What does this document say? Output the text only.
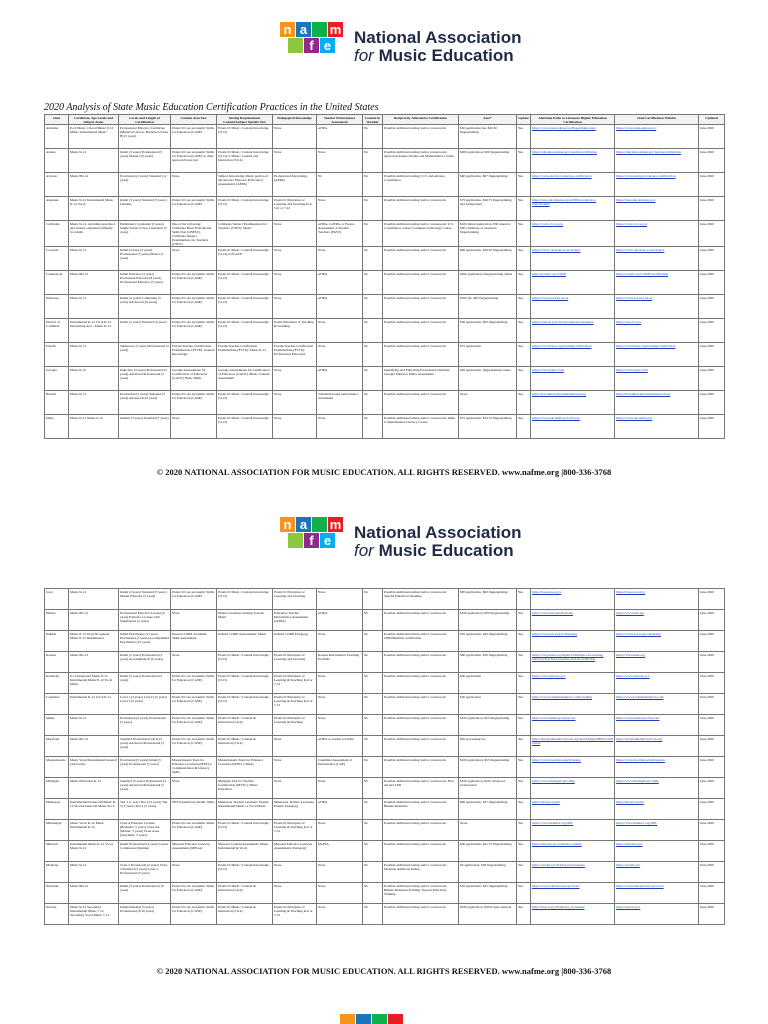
n a m
f e National Association
for Music Education
2020 Analysis of State Music Education Certification Practices in the United States
State	Certificate, Age Levels and Subject Areas	Levels and Length of Certification	Content Area Test	Testing Requirements Content/Subject Specific Test	Pedagogical Knowledge	Teacher Performance Assessment	Content in Weather	Reciprocity Alternative Certification	Fees*	Update	Alternate Paths to Licensure Higher Education Certification	State Certification Website	Updated
Alabama	P-12 Music, Choral Music P-12 Music, Instrumental Music	Professional Educator Certificate (Master's/Class A, Bachelor's/Class B) (5 years)	Praxis II Core Academic Skills for Educators (CASE)	Praxis II: Music: Content Knowledge (5113)	None	edTPA	No	Possible additional testing and/or coursework	$30 application fee, $45.50 fingerprinting	Yes	https://www.alsde.edu/sec/ec/Pages/home.aspx	https://www.alsde.edu/sec/ec/	June 2020
Alaska	Music K-12	Initial (3 years) Professional (5 years) Master (10 years)	Praxis II Core Academic Skills for Educators (CASE) or other approved basic test	Praxis II: Music: Content Knowledge (5113) or Music: Content and Instruction (5114)	None	None	No	Possible additional testing and/or coursework; Approved Alaska Studies and Multicultural courses	$200 application, $60 fingerprinting	Yes	https://education.alaska.gov/teachercertification	https://education.alaska.gov/teachercertification	June 2020
Arizona	Music PK-12	Provisional (2 years) Standard (12 years)	None	Subject Knowledge Music portion of the Arizona Educator Proficiency Assessments (AEPA)	Professional Knowledge (AEPA)	No	No	Possible additional testing; U.S. and Arizona Constitution	$60 application, $67 fingerprinting	Yes	https://www.azed.gov/educator-certification	https://www.azed.gov/educator-certification	June 2020
Arkansas	Music K-12 Instrumental Music K-12 Vocal	Initial (3 years) Standard (5 years) Lifetime	Praxis II Core Academic Skills for Educators (CASE)	Praxis II: Music: Content Knowledge (5113)	Praxis II: Principles of Learning and Teaching K-6, 5-9, or 7-12	None	No	Possible additional testing and/or coursework	$75 application, $49.75 fingerprinting and background	Yes	https://dese.ade.arkansas.gov/Offices/educator-effectiveness	https://dese.ade.arkansas.gov	June 2020
California	Music K-12, including preschool and classes organized primarily for adults	Preliminary Credential (5 years) Single Subject Clear Credential (5 years)	One of the following: California Basic Educational Skills Test (CBEST), California Subject Examinations for Teachers (CSET)	California Subject Examinations for Teachers (CSET): Music	None	edTPA, CalTPA, or Fresno Assessment of Student Teachers (FAST)	No	Possible additional testing and/or coursework; U.S. Constitution course; Computer technology course	$100 initial application, $50 renewal, $50 certificate of clearance fingerprinting	Yes	https://www.ctc.ca.gov	https://www.ctc.ca.gov	June 2020
Colorado	Music K-12	Initial License (3 years) Professional (5 years) Master (7 years)	None	Praxis II: Music: Content Knowledge (5114) or PLACE	None	None	No	Possible additional testing and/or coursework	$90 application, $39.50 fingerprinting	Yes	https://www.cde.state.co.us/cdeprof	https://www.cde.state.co.us/cdeprof	June 2020
Connecticut	Music PK-12	Initial Educator (3 years) Provisional Educator (8 years) Professional Educator (5 years)	Praxis II Core Academic Skills for Educators (CASE)	Praxis II: Music: Content Knowledge (5113)	None	edTPA	No	Possible additional testing and/or coursework	$200 application, fingerprinting varies	Yes	https://portal.ct.gov/SDE	https://portal.ct.gov/SDE/Certification	June 2020
Delaware	Music K-12	Initial (4 years) Continuing (5 years) Advanced (10 years)	Praxis II Core Academic Skills for Educators (CASE)	Praxis II: Music: Content Knowledge (5113)	None	edTPA	No	Possible additional testing and/or coursework	$100 fee, $65 fingerprinting	Yes	https://www.doe.k12.de.us	https://www.doe.k12.de.us	June 2020
District of Columbia	Instrumental K-12 Vocal K-12 Performing Arts - Music K-12	Initial (2 years) Standard (4 years)	Praxis II Core Academic Skills for Educators (CASE)	Praxis II: Music: Content Knowledge (5113)	Praxis Principles of Teaching & Learning	None	No	Possible additional testing and/or coursework	$50 application, $50 fingerprinting	Yes	https://osse.dc.gov/service/educator-licensure	https://osse.dc.gov	June 2020
Florida	Music K-12	Temporary (3 years) Professional (5 years)	Florida Teacher Certification Examinations (FTCE): General Knowledge	Florida Teacher Certification Examinations (FTCE): Music K-12	Florida Teacher Certification Examinations (FTCE): Professional Education	None	No	Possible additional testing and/or coursework	$75 application	Yes	https://www.fldoe.org/teaching/certification	https://www.fldoe.org/teaching/certification	June 2020
Georgia	Music P-12	Induction (3 years) Professional (5 years) Advanced Professional (5 years)	Georgia Assessments for Certification of Educators (GACE): Basic Skills	Georgia Assessments for Certification of Educators (GACE): Music Content Assessment	None	edTPA	No	Identifying and Educating Exceptional Children; Georgia Educator Ethics Assessment	$20 application, fingerprinting varies	Yes	https://www.gapsc.com	https://www.gapsc.com	June 2020
Hawaii	Music K-12	Provisional (3 years) Standard (5 years) Advanced (10 years)	Praxis II Core Academic Skills for Educators (CASE)	Praxis II: Music: Content Knowledge (5113)	None	Standards-based performance assessment	No	Possible additional testing and/or coursework	None	Yes	https://hawaiiteacherstandardsboard.org	https://hawaiiteacherstandardsboard.org	June 2020
Idaho	Music K-12 Music 6-12	Interim (3 years) Standard (5 years)	None	Praxis II: Music: Content Knowledge (5113)	None	None	No	Possible additional testing and/or coursework; Idaho Comprehensive Literacy Course	$75 application, $34.75 fingerprinting	Yes	https://www.sde.idaho.gov/cert-psc	https://www.sde.idaho.gov	June 2020
© 2020 NATIONAL ASSOCIATION FOR MUSIC EDUCATION. ALL RIGHTS RESERVED. www.nafme.org |800-336-3768
n a m
f e National Association
for Music Education
Iowa	Music K-12	Initial (2 years) Standard (5 years) Master Educator (5 years)	Praxis II Core Academic Skills for Educators (CASE)	Praxis II: Music: Content Knowledge (5113)	Praxis II: Principles of Learning and Teaching	None	No	Possible additional testing and/or coursework; Special Education; Reading	$85 application, $60 fingerprinting	Yes	https://boee.iowa.gov	https://boee.iowa.gov	June 2020
Illinois	Music PK-12	Professional Educator License (5 years) Educator License with Stipulations (2 years)	None	Illinois Licensure Testing System: Music	Educative Teacher Performance Assessment (edTPA)	edTPA	No	Possible additional testing and/or coursework	$100 application, $50 fingerprinting	Yes	https://www.isbe.net/licensure	https://www.isbe.net	June 2020
Indiana	Music P-12 Vocal & General Music P-12 Instrumental	Initial Practitioner (2 years) Practitioner (5 years) Accomplished Practitioner (10 years)	Pearson CORE Academic Skills Assessment	Indiana CORE Assessments: Music	Indiana CORE Pedagogy	None	No	Possible additional testing and/or coursework; CPR/Heimlich certification	$35 application, $40 fingerprinting	Yes	https://www.doe.in.gov/licensing	https://www.doe.in.gov/licensing	June 2020
Kansas	Music PK-12	Initial (2 years) Professional (5 years) Accomplished (10 years)	None	Praxis II: Music: Content Knowledge (5113)	Praxis II: Principles of Learning and Teaching	Kansas Performance Teaching Portfolio	No	Possible additional testing and/or coursework	$60 application, $50 fingerprinting	Yes	https://www.ksde.org/Agency/Division-of-Learning-Services/Teacher-Licensure-and-Accreditation	https://www.ksde.org	June 2020
Kentucky	P-12 Integrated Music P-12 Instrumental Music P-12 Vocal Music	Initial (5 years) Professional (5 years)	Praxis II Core Academic Skills for Educators (CASE)	Praxis II: Music: Content Knowledge (5113)	Praxis II: Principles of Learning & Teaching K-6 or 7-12	None	No	Possible additional testing and/or coursework	$50 application	Yes	https://www.epsb.ky.gov	https://www.epsb.ky.gov	June 2020
Louisiana	Instrumental K-12 Vocal K-12	Level 1 (3 years) Level 2 (5 years) Level 3 (5 years)	Praxis II Core Academic Skills for Educators (CASE)	Praxis II: Music: Content Knowledge (5113)	Praxis II: Principles of Learning & Teaching K-6 or 7-12	None	No	Possible additional testing and/or coursework	$50 application	Yes	https://www.louisianabelieves.com/teaching	https://www.louisianabelieves.com	June 2020
Maine	Music K-12	Provisional (2 years) Professional (5 years)	Praxis II Core Academic Skills for Educators (CASE)	Praxis II: Music: Content & Instruction (5114)	Praxis II: Principles of Learning & Teaching	None	No	Possible additional testing and/or coursework	$100 application, $55 fingerprinting	Yes	https://www.maine.gov/doe/cert	https://www.maine.gov/doe/cert	June 2020
Maryland	Music PK-12	Standard Professional I & II (5 years) Advanced Professional (5 years)	Praxis II Core Academic Skills for Educators (CASE)	Praxis II: Music: Content & Instruction (5114)	None	edTPA or teacher portfolio	No	Possible additional testing and/or coursework	$20 processing fee	Yes	https://marylandpublicschools.org/about/Pages/DEE/Certification	https://marylandpublicschools.org	June 2020
Massachusetts	Music Vocal/Instrumental/General (All levels)	Provisional (5 years) Initial (5 years) Professional (5 years)	Massachusetts Tests for Educator Licensure (MTEL): Communication & Literacy Skills	Massachusetts Tests for Educator Licensure (MTEL): Music	None	Candidate Assessment of Performance (CAP)	No	Possible additional testing and/or coursework	$100 application, $55 fingerprinting	Yes	https://www.doe.mass.edu/licensure	https://www.doe.mass.edu/licensure	June 2020
Michigan	Music Education K-12	Standard (5 years) Professional (5 years) Advanced Professional (5 years)	None	Michigan Test for Teacher Certification (MTTC): Music Education	None	None	No	Possible additional testing and/or coursework; First aid and CPR	$160 application, $210 advanced professional	Yes	https://www.michigan.gov/mde	https://www.michigan.gov/mde	June 2020
Minnesota	Instrumental/Classroom Music K-12 Vocal/Classroom Music K-12	Tier 1 (1 year) Tier 2 (2 years) Tier 3 (3 years) Tier 4 (5 years)	NES Essential Academic Skills	Minnesota Teacher Licensure Exams: Instrumental Music or Vocal Music	Minnesota Teacher Licensure Exams: Pedagogy	edTPA	No	Possible additional testing and/or coursework; Human Relations	$90 application, $37 fingerprinting	Yes	https://mn.gov/pelsb	https://mn.gov/pelsb	June 2020
Mississippi	Music Vocal K-12 Music Instrumental K-12	Class A Educator License (Bachelor; 5 years) Class AA (Master; 5 years) Class AAA (Specialist; 5 years)	Praxis II Core Academic Skills for Educators (CASE)	Praxis II: Music: Content Knowledge (5113)	Praxis II: Principles of Learning & Teaching K-6 or 7-12	None	No	Possible additional testing and/or coursework	None	Yes	https://www.mdek12.org/OEL	https://www.mdek12.org/OEL	June 2020
Missouri	Instrumental Music K-12 Vocal Music K-12	Initial Professional (4 years) Career Continuous (lifetime)	Missouri Educator Gateway Assessments (MEGA)	Missouri Content Assessment: Music Instrumental & Vocal	Missouri Educator Gateway Assessments: Pedagogy	MoPTA	No	Possible additional testing and/or coursework	$50 application, $41.75 fingerprinting	Yes	https://dese.mo.gov/educator-quality	https://dese.mo.gov	June 2020
Montana	Music K-12	Class 5 Provisional (3 years) Class 2 Standard (5 years) Class 1 Professional (5 years)	None	Praxis II: Music: Content Knowledge (5113)	None	None	No	Possible additional testing and/or coursework; Montana American Indian	$6 application, $30 fingerprinting	Yes	https://opi.mt.gov/Educators/Licensure	https://opi.mt.gov	June 2020
Nebraska	Music PK-12	Initial (5 years) Professional (10 years)	Praxis II Core Academic Skills for Educators (CASE)	Praxis II: Music: Content & Instruction (5114)	None	None	No	Possible additional testing and/or coursework; Human Relations Training; Special Education Training	$55 application, $45 fingerprinting	Yes	https://www.education.ne.gov/tcert	https://www.education.ne.gov/tcert	June 2020
Nevada	Music K-12 Secondary Instrumental Music 7-12 Secondary Vocal Music 7-12	Initial/Standard (5 years) Professional (6-10 years)	Praxis II Core Academic Skills for Educators (CASE)	Praxis II: Music: Content & Instruction (5114)	Praxis II: Principles of Learning & Teaching K-6 or 7-12	None	No	Possible additional testing and/or coursework	$180 application, $30 license renewal	Yes	https://doe.nv.gov/Educator_Licensure	https://doe.nv.gov	June 2020
© 2020 NATIONAL ASSOCIATION FOR MUSIC EDUCATION. ALL RIGHTS RESERVED. www.nafme.org |800-336-3768
